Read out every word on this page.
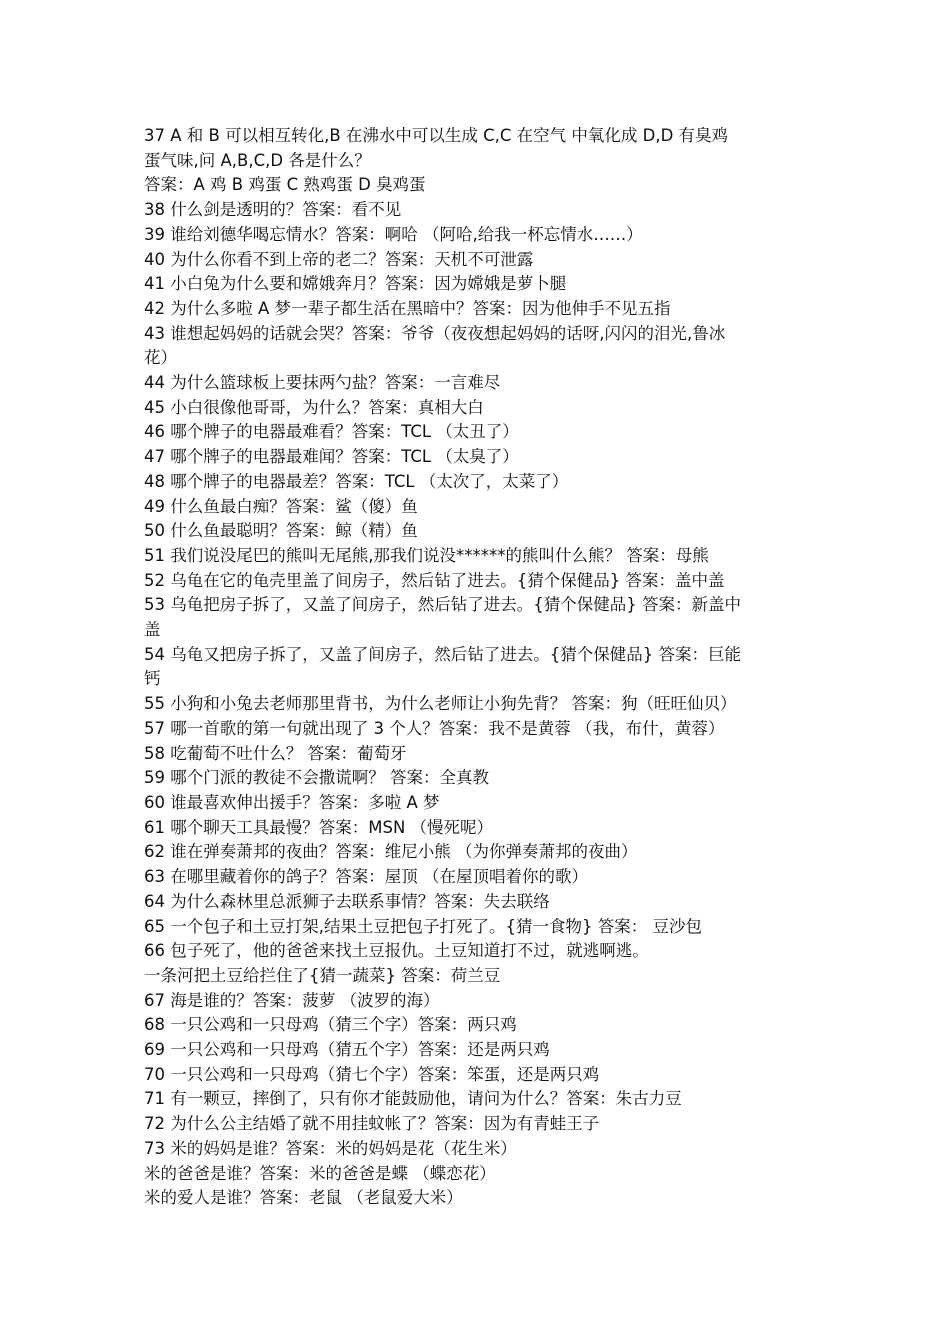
37 A 和 B 可以相互转化,B 在沸水中可以生成 C,C 在空气 中氧化成 D,D 有臭鸡
蛋气味,问 A,B,C,D 各是什么？
答案：A 鸡 B 鸡蛋 C 熟鸡蛋 D 臭鸡蛋
38 什么剑是透明的？答案：看不见
39 谁给刘德华喝忘情水？答案：啊哈 （阿哈,给我一杯忘情水……）
40 为什么你看不到上帝的老二？答案：天机不可泄露
41 小白兔为什么要和嫦娥奔月？答案：因为嫦娥是萝卜腿
42 为什么多啦 A 梦一辈子都生活在黑暗中？答案：因为他伸手不见五指
43 谁想起妈妈的话就会哭？答案：爷爷（夜夜想起妈妈的话呀,闪闪的泪光,鲁冰
花）
44 为什么篮球板上要抹两勺盐？答案：一言难尽
45 小白很像他哥哥，为什么？答案：真相大白
46 哪个牌子的电器最难看？答案：TCL （太丑了）
47 哪个牌子的电器最难闻？答案：TCL （太臭了）
48 哪个牌子的电器最差？答案：TCL （太次了，太菜了）
49 什么鱼最白痴？答案：鲨（傻）鱼
50 什么鱼最聪明？答案：鲸（精）鱼
51 我们说没尾巴的熊叫无尾熊,那我们说没******的熊叫什么熊？ 答案：母熊
52 乌龟在它的龟壳里盖了间房子，然后钻了进去。{猜个保健品} 答案：盖中盖
53 乌龟把房子拆了，又盖了间房子，然后钻了进去。{猜个保健品} 答案：新盖中
盖
54 乌龟又把房子拆了，又盖了间房子，然后钻了进去。{猜个保健品} 答案：巨能
钙
55 小狗和小兔去老师那里背书，为什么老师让小狗先背？ 答案：狗（旺旺仙贝）
57 哪一首歌的第一句就出现了 3 个人？答案：我不是黄蓉 （我，布什，黄蓉）
58 吃葡萄不吐什么？ 答案：葡萄牙
59 哪个门派的教徒不会撒谎啊？ 答案：全真教
60 谁最喜欢伸出援手？答案：多啦 A 梦
61 哪个聊天工具最慢？答案：MSN （慢死呢）
62 谁在弹奏萧邦的夜曲？答案：维尼小熊 （为你弹奏萧邦的夜曲）
63 在哪里藏着你的鸽子？答案：屋顶 （在屋顶唱着你的歌）
64 为什么森林里总派狮子去联系事情？答案：失去联络
65 一个包子和土豆打架,结果土豆把包子打死了。{猜一食物} 答案： 豆沙包
66 包子死了，他的爸爸来找土豆报仇。土豆知道打不过，就逃啊逃。
一条河把土豆给拦住了{猜一蔬菜} 答案：荷兰豆
67 海是谁的？答案：菠萝 （波罗的海）
68 一只公鸡和一只母鸡（猜三个字）答案：两只鸡
69 一只公鸡和一只母鸡（猜五个字）答案：还是两只鸡
70 一只公鸡和一只母鸡（猜七个字）答案：笨蛋，还是两只鸡
71 有一颗豆，摔倒了，只有你才能鼓励他，请问为什么？答案：朱古力豆
72 为什么公主结婚了就不用挂蚊帐了？答案：因为有青蛙王子
73 米的妈妈是谁？答案：米的妈妈是花（花生米）
米的爸爸是谁？答案：米的爸爸是蝶 （蝶恋花）
米的爱人是谁？答案：老鼠 （老鼠爱大米）
